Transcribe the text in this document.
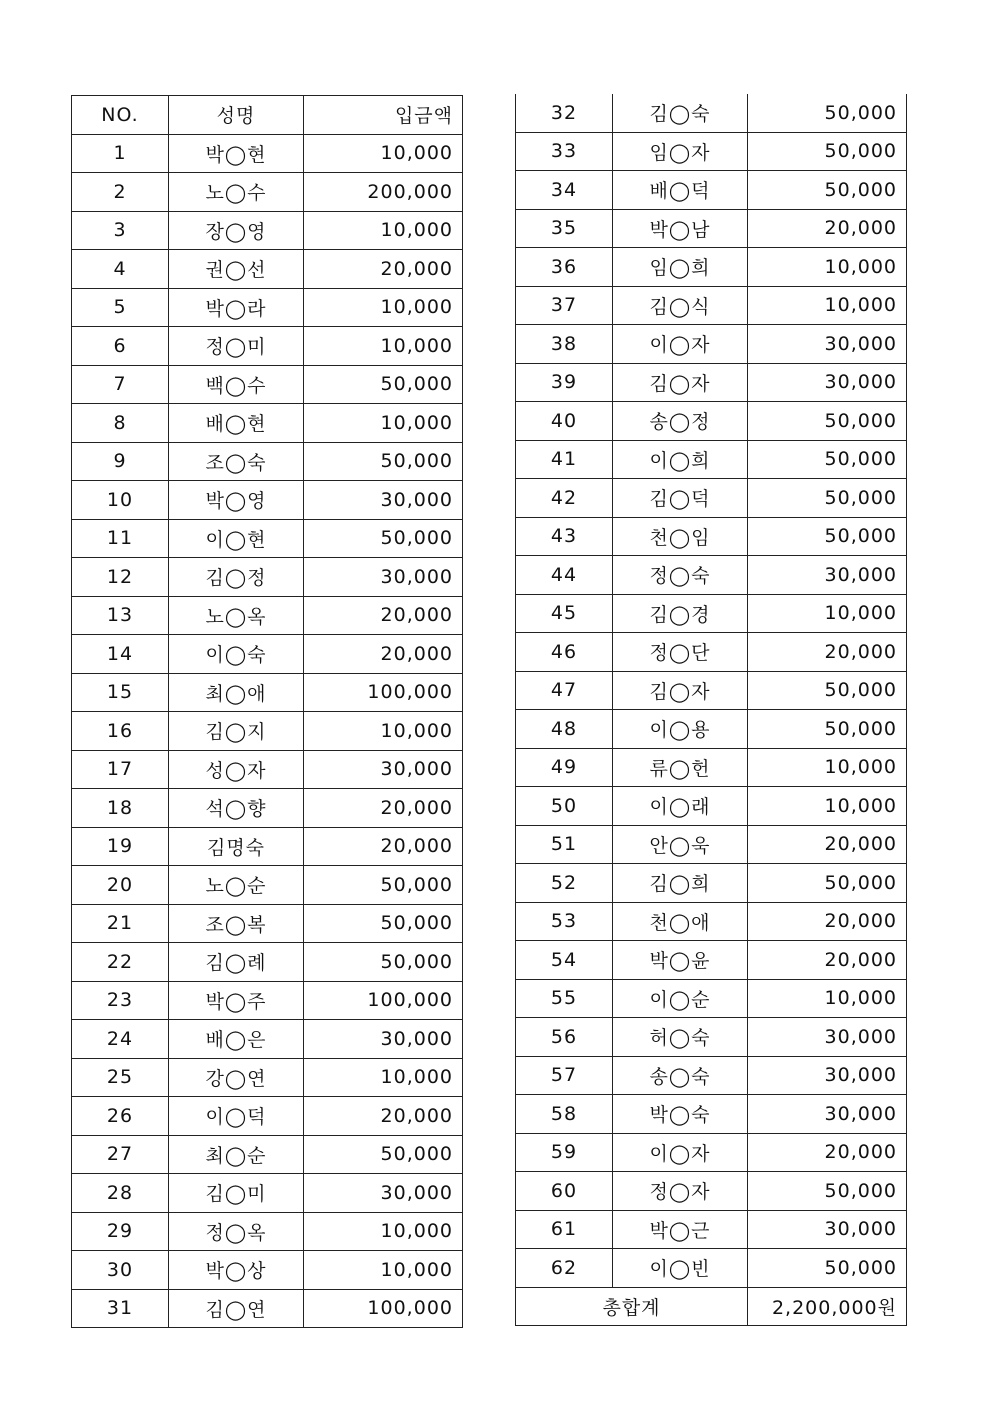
NO.	성명	입금액
1	박◯현	10,000
2	노◯수	200,000
3	장◯영	10,000
4	권◯선	20,000
5	박◯라	10,000
6	정◯미	10,000
7	백◯수	50,000
8	배◯현	10,000
9	조◯숙	50,000
10	박◯영	30,000
11	이◯현	50,000
12	김◯정	30,000
13	노◯옥	20,000
14	이◯숙	20,000
15	최◯애	100,000
16	김◯지	10,000
17	성◯자	30,000
18	석◯향	20,000
19	김명숙	20,000
20	노◯순	50,000
21	조◯복	50,000
22	김◯례	50,000
23	박◯주	100,000
24	배◯은	30,000
25	강◯연	10,000
26	이◯덕	20,000
27	최◯순	50,000
28	김◯미	30,000
29	정◯옥	10,000
30	박◯상	10,000
31	김◯연	100,000
32	김◯숙	50,000
33	임◯자	50,000
34	배◯덕	50,000
35	박◯남	20,000
36	임◯희	10,000
37	김◯식	10,000
38	이◯자	30,000
39	김◯자	30,000
40	송◯정	50,000
41	이◯희	50,000
42	김◯덕	50,000
43	천◯임	50,000
44	정◯숙	30,000
45	김◯경	10,000
46	정◯단	20,000
47	김◯자	50,000
48	이◯용	50,000
49	류◯헌	10,000
50	이◯래	10,000
51	안◯욱	20,000
52	김◯희	50,000
53	천◯애	20,000
54	박◯윤	20,000
55	이◯순	10,000
56	허◯숙	30,000
57	송◯숙	30,000
58	박◯숙	30,000
59	이◯자	20,000
60	정◯자	50,000
61	박◯근	30,000
62	이◯빈	50,000
총합계		2,200,000원
